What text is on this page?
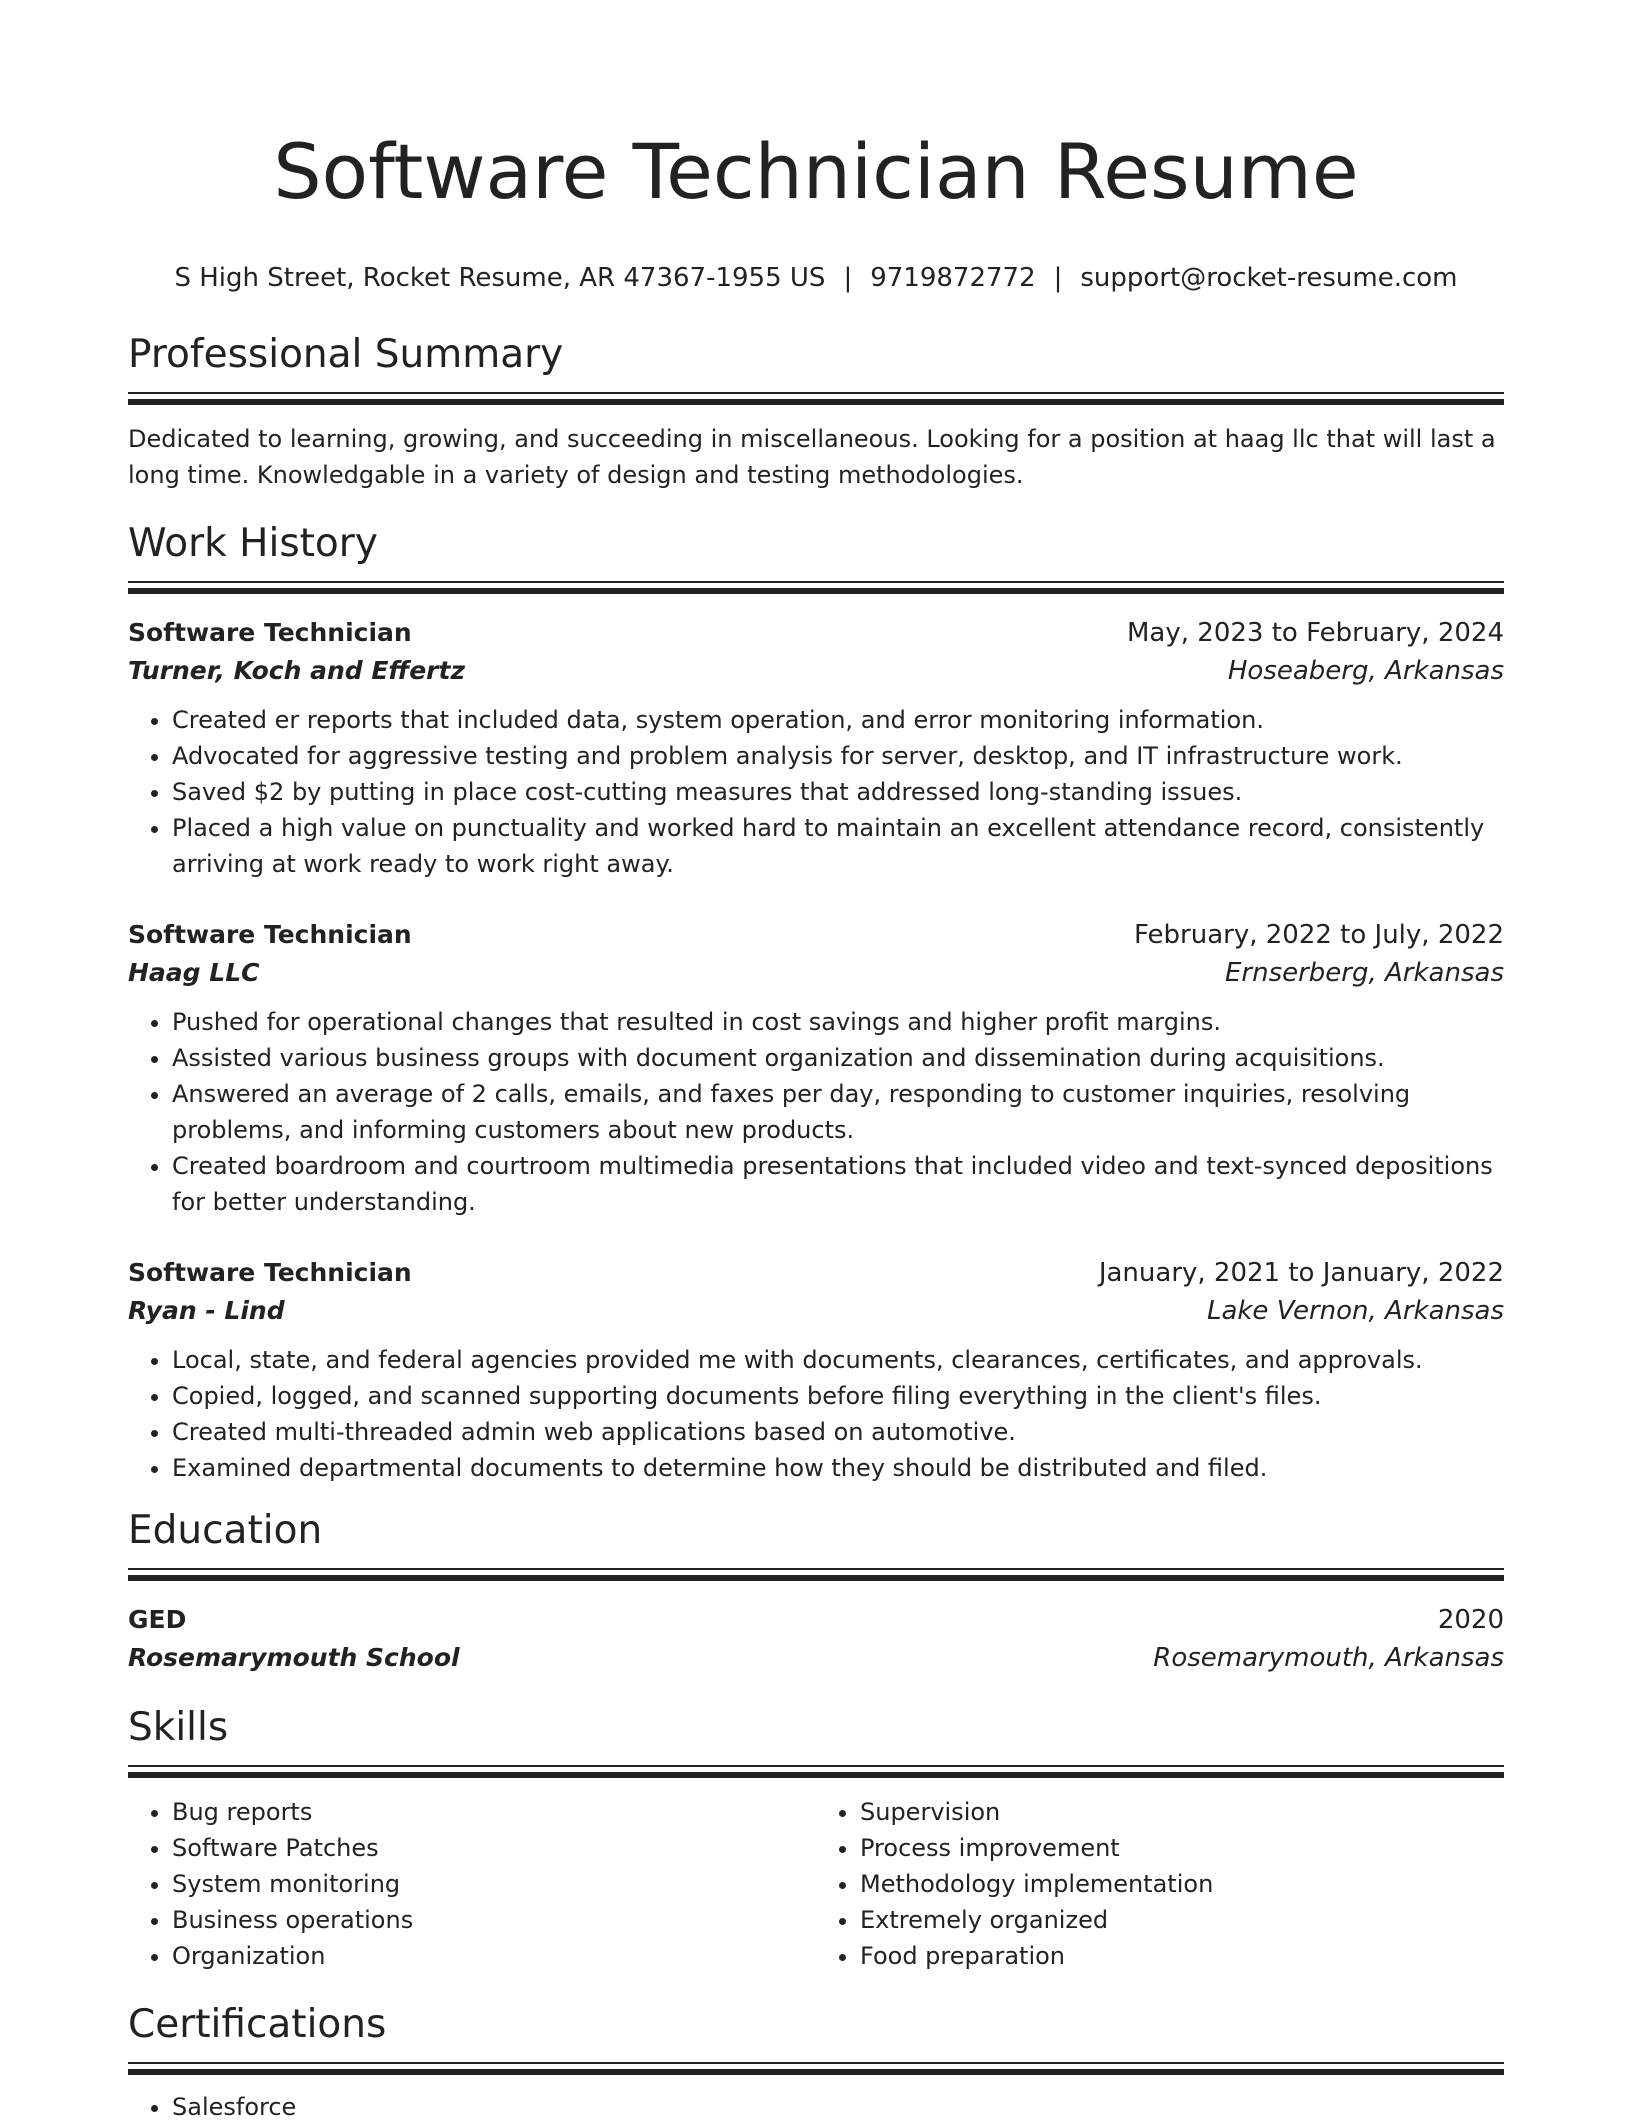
Software Technician Resume
S High Street, Rocket Resume, AR 47367-1955 US | 9719872772 | support@rocket-resume.com
Professional Summary

Dedicated to learning, growing, and succeeding in miscellaneous. Looking for a position at haag llc that will last a long time. Knowledgable in a variety of design and testing methodologies.

Work History
Software Technician	May, 2023 to February, 2024
Turner, Koch and Effertz	Hoseaberg, Arkansas
• Created er reports that included data, system operation, and error monitoring information.
• Advocated for aggressive testing and problem analysis for server, desktop, and IT infrastructure work.
• Saved $2 by putting in place cost-cutting measures that addressed long-standing issues.
• Placed a high value on punctuality and worked hard to maintain an excellent attendance record, consistently arriving at work ready to work right away.
Software Technician	February, 2022 to July, 2022
Haag LLC	Ernserberg, Arkansas
• Pushed for operational changes that resulted in cost savings and higher profit margins.
• Assisted various business groups with document organization and dissemination during acquisitions.
• Answered an average of 2 calls, emails, and faxes per day, responding to customer inquiries, resolving problems, and informing customers about new products.
• Created boardroom and courtroom multimedia presentations that included video and text-synced depositions for better understanding.
Software Technician	January, 2021 to January, 2022
Ryan - Lind	Lake Vernon, Arkansas
• Local, state, and federal agencies provided me with documents, clearances, certificates, and approvals.
• Copied, logged, and scanned supporting documents before filing everything in the client's files.
• Created multi-threaded admin web applications based on automotive.
• Examined departmental documents to determine how they should be distributed and filed.
Education
GED	2020
Rosemarymouth School	Rosemarymouth, Arkansas
Skills
• Bug reports
• Software Patches
• System monitoring
• Business operations
• Organization
• Supervision
• Process improvement
• Methodology implementation
• Extremely organized
• Food preparation
Certifications
• Salesforce
